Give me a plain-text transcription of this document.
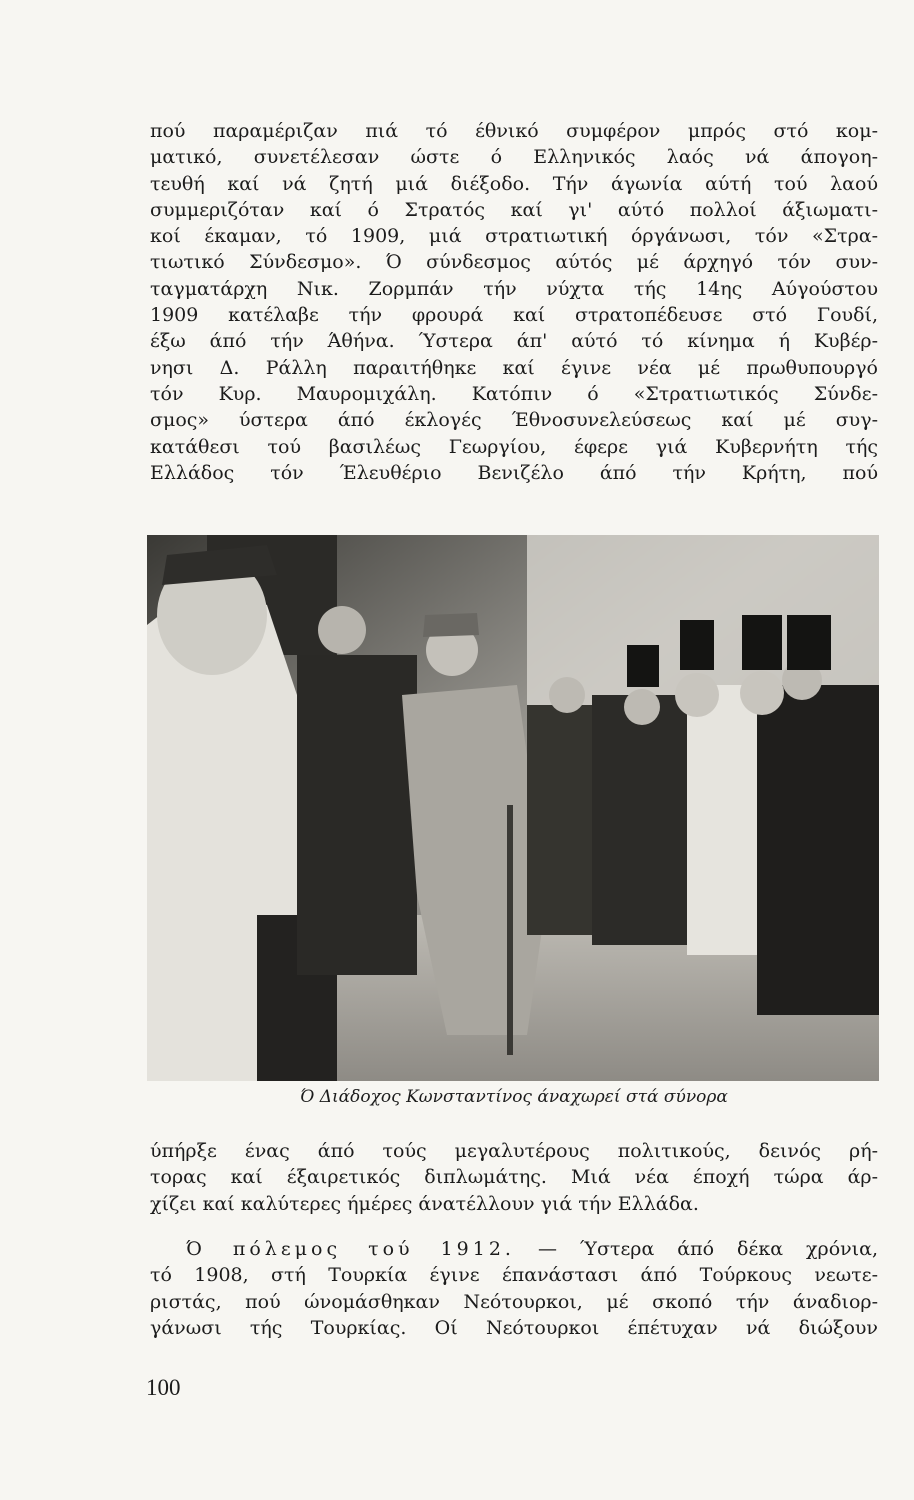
πού παραμέριζαν πιά τό έθνικό συμφέρον μπρός στό κομ-
ματικό, συνετέλεσαν ώστε ό Ελληνικός λαός νά άπογοη-
τευθή καί νά ζητή μιά διέξοδο. Τήν άγωνία αύτή τού λαού
συμμεριζόταν καί ό Στρατός καί γι' αύτό πολλοί άξιωματι-
κοί έκαμαν, τό 1909, μιά στρατιωτική όργάνωσι, τόν «Στρα-
τιωτικό Σύνδεσμο». Ό σύνδεσμος αύτός μέ άρχηγό τόν συν-
ταγματάρχη Νικ. Ζορμπάν τήν νύχτα τής 14ης Αύγούστου
1909 κατέλαβε τήν φρουρά καί στρατοπέδευσε στό Γουδί,
έξω άπό τήν Άθήνα. Ύστερα άπ' αύτό τό κίνημα ή Κυβέρ-
νησι Δ. Ράλλη παραιτήθηκε καί έγινε νέα μέ πρωθυπουργό
τόν Κυρ. Μαυρομιχάλη. Κατόπιν ό «Στρατιωτικός Σύνδε-
σμος» ύστερα άπό έκλογές Έθνοσυνελεύσεως καί μέ συγ-
κατάθεσι τού βασιλέως Γεωργίου, έφερε γιά Κυβερνήτη τής
Ελλάδος τόν Έλευθέριο Βενιζέλο άπό τήν Κρήτη, πού

Ό Διάδοχος Κωνσταντίνος άναχωρεί στά σύνορα

ύπήρξε ένας άπό τούς μεγαλυτέρους πολιτικούς, δεινός ρή-
τορας καί έξαιρετικός διπλωμάτης. Μιά νέα έποχή τώρα άρ-
χίζει καί καλύτερες ήμέρες άνατέλλουν γιά τήν Ελλάδα.

Ό πόλεμος τού 1912. — Ύστερα άπό δέκα χρόνια,
τό 1908, στή Τουρκία έγινε έπανάστασι άπό Τούρκους νεωτε-
ριστάς, πού ώνομάσθηκαν Νεότουρκοι, μέ σκοπό τήν άναδιορ-
γάνωσι τής Τουρκίας. Οί Νεότουρκοι έπέτυχαν νά διώξουν

100
